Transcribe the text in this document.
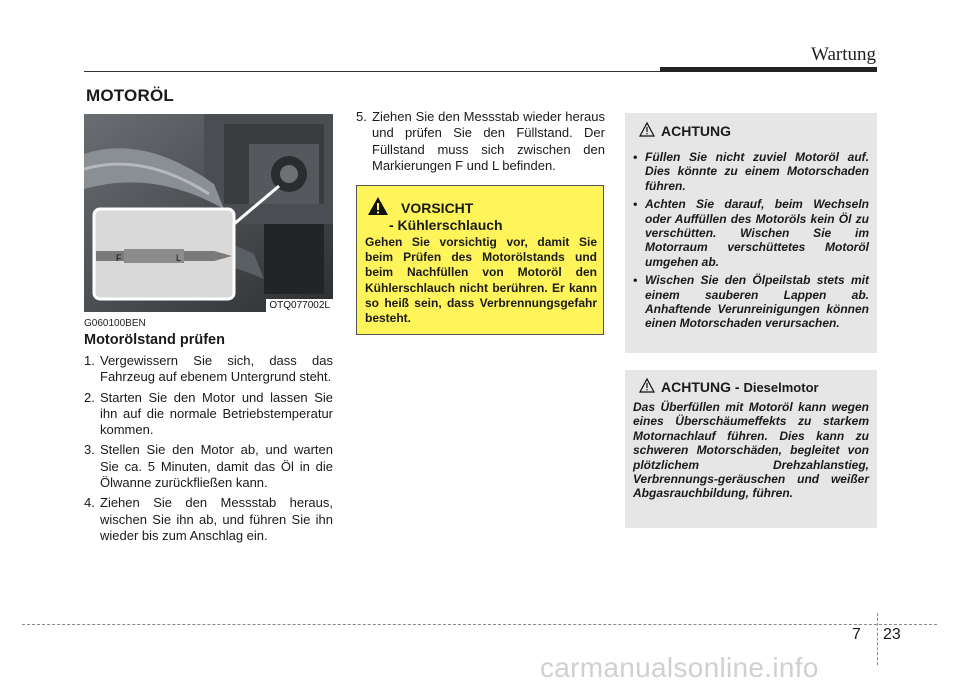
Wartung
MOTORÖL
F	L
OTQ077002L
G060100BEN
Motorölstand prüfen
1. Vergewissern Sie sich, dass das Fahrzeug auf ebenem Untergrund steht.
2. Starten Sie den Motor und lassen Sie ihn auf die normale Betriebstemperatur kommen.
3. Stellen Sie den Motor ab, und warten Sie ca. 5 Minuten, damit das Öl in die Ölwanne zurückfließen kann.
4. Ziehen Sie den Messstab heraus, wischen Sie ihn ab, und führen Sie ihn wieder bis zum Anschlag ein.
5. Ziehen Sie den Messstab wieder heraus und prüfen Sie den Füllstand. Der Füllstand muss sich zwischen den Markierungen F und L befinden.
VORSICHT
- Kühlerschlauch
Gehen Sie vorsichtig vor, damit Sie beim Prüfen des Motorölstands und beim Nachfüllen von Motoröl den Kühlerschlauch nicht berühren. Er kann so heiß sein, dass Verbrennungsgefahr besteht.
ACHTUNG
• Füllen Sie nicht zuviel Motoröl auf. Dies könnte zu einem Motorschaden führen.
• Achten Sie darauf, beim Wechseln oder Auffüllen des Motoröls kein Öl zu verschütten. Wischen Sie im Motorraum verschüttetes Motoröl umgehen ab.
• Wischen Sie den Ölpeilstab stets mit einem sauberen Lappen ab. Anhaftende Verunreinigungen können einen Motorschaden verursachen.
ACHTUNG - Dieselmotor
Das Überfüllen mit Motoröl kann wegen eines Überschäumeffekts zu starkem Motornachlauf führen. Dies kann zu schweren Motorschäden, begleitet von plötzlichem Drehzahlanstieg, Verbrennungs-geräuschen und weißer Abgasrauchbildung, führen.
7 23
carmanualsonline.info
